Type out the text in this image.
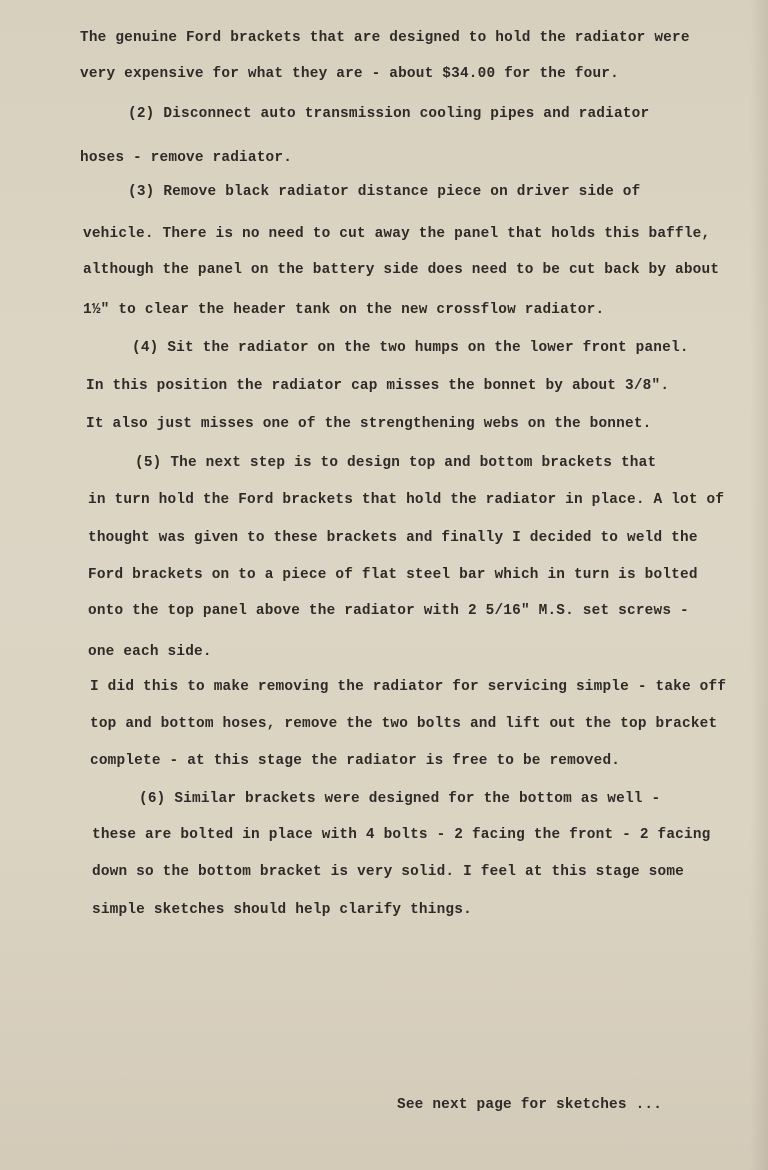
The genuine Ford brackets that are designed to hold the radiator were
very expensive for what they are - about $34.00 for the four.
(2) Disconnect auto transmission cooling pipes and radiator
hoses - remove radiator.
(3) Remove black radiator distance piece on driver side of
vehicle. There is no need to cut away the panel that holds this baffle,
although the panel on the battery side does need to be cut back by about
1½" to clear the header tank on the new crossflow radiator.
(4) Sit the radiator on the two humps on the lower front panel.
In this position the radiator cap misses the bonnet by about 3/8".
It also just misses one of the strengthening webs on the bonnet.
(5) The next step is to design top and bottom brackets that
in turn hold the Ford brackets that hold the radiator in place. A lot of
thought was given to these brackets and finally I decided to weld the
Ford brackets on to a piece of flat steel bar which in turn is bolted
onto the top panel above the radiator with 2 5/16" M.S. set screws -
one each side.
I did this to make removing the radiator for servicing simple - take off
top and bottom hoses, remove the two bolts and lift out the top bracket
complete - at this stage the radiator is free to be removed.
(6) Similar brackets were designed for the bottom as well -
these are bolted in place with 4 bolts - 2 facing the front - 2 facing
down so the bottom bracket is very solid. I feel at this stage some
simple sketches should help clarify things.
See next page for sketches ...
